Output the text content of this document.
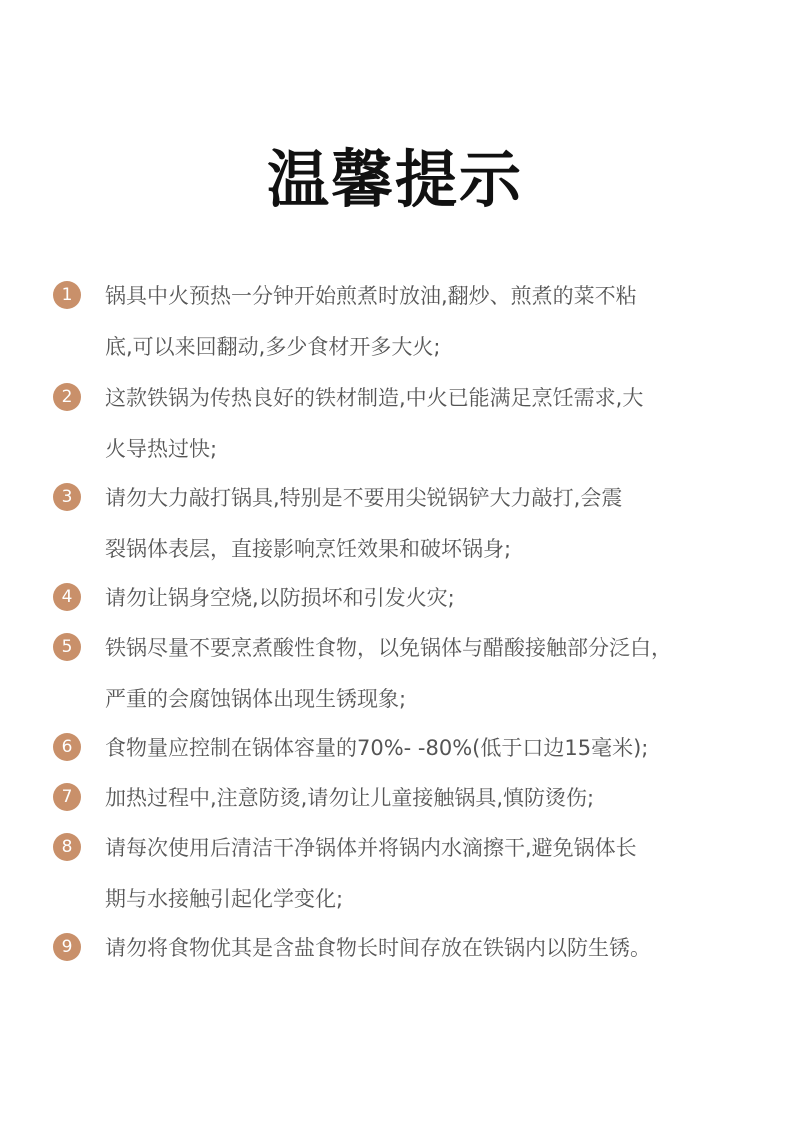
温馨提示
1	锅具中火预热一分钟开始煎煮时放油,翻炒、煎煮的菜不粘
底,可以来回翻动,多少食材开多大火;
2	这款铁锅为传热良好的铁材制造,中火已能满足烹饪需求,大
火导热过快;
3	请勿大力敲打锅具,特别是不要用尖锐锅铲大力敲打,会震
裂锅体表层，直接影响烹饪效果和破坏锅身;
4	请勿让锅身空烧,以防损坏和引发火灾;
5	铁锅尽量不要烹煮酸性食物，以免锅体与醋酸接触部分泛白，
严重的会腐蚀锅体出现生锈现象;
6	食物量应控制在锅体容量的70%- -80%(低于口边15毫米);
7	加热过程中,注意防烫,请勿让儿童接触锅具,慎防烫伤;
8	请每次使用后清洁干净锅体并将锅内水滴擦干,避免锅体长
期与水接触引起化学变化;
9	请勿将食物优其是含盐食物长时间存放在铁锅内以防生锈。
